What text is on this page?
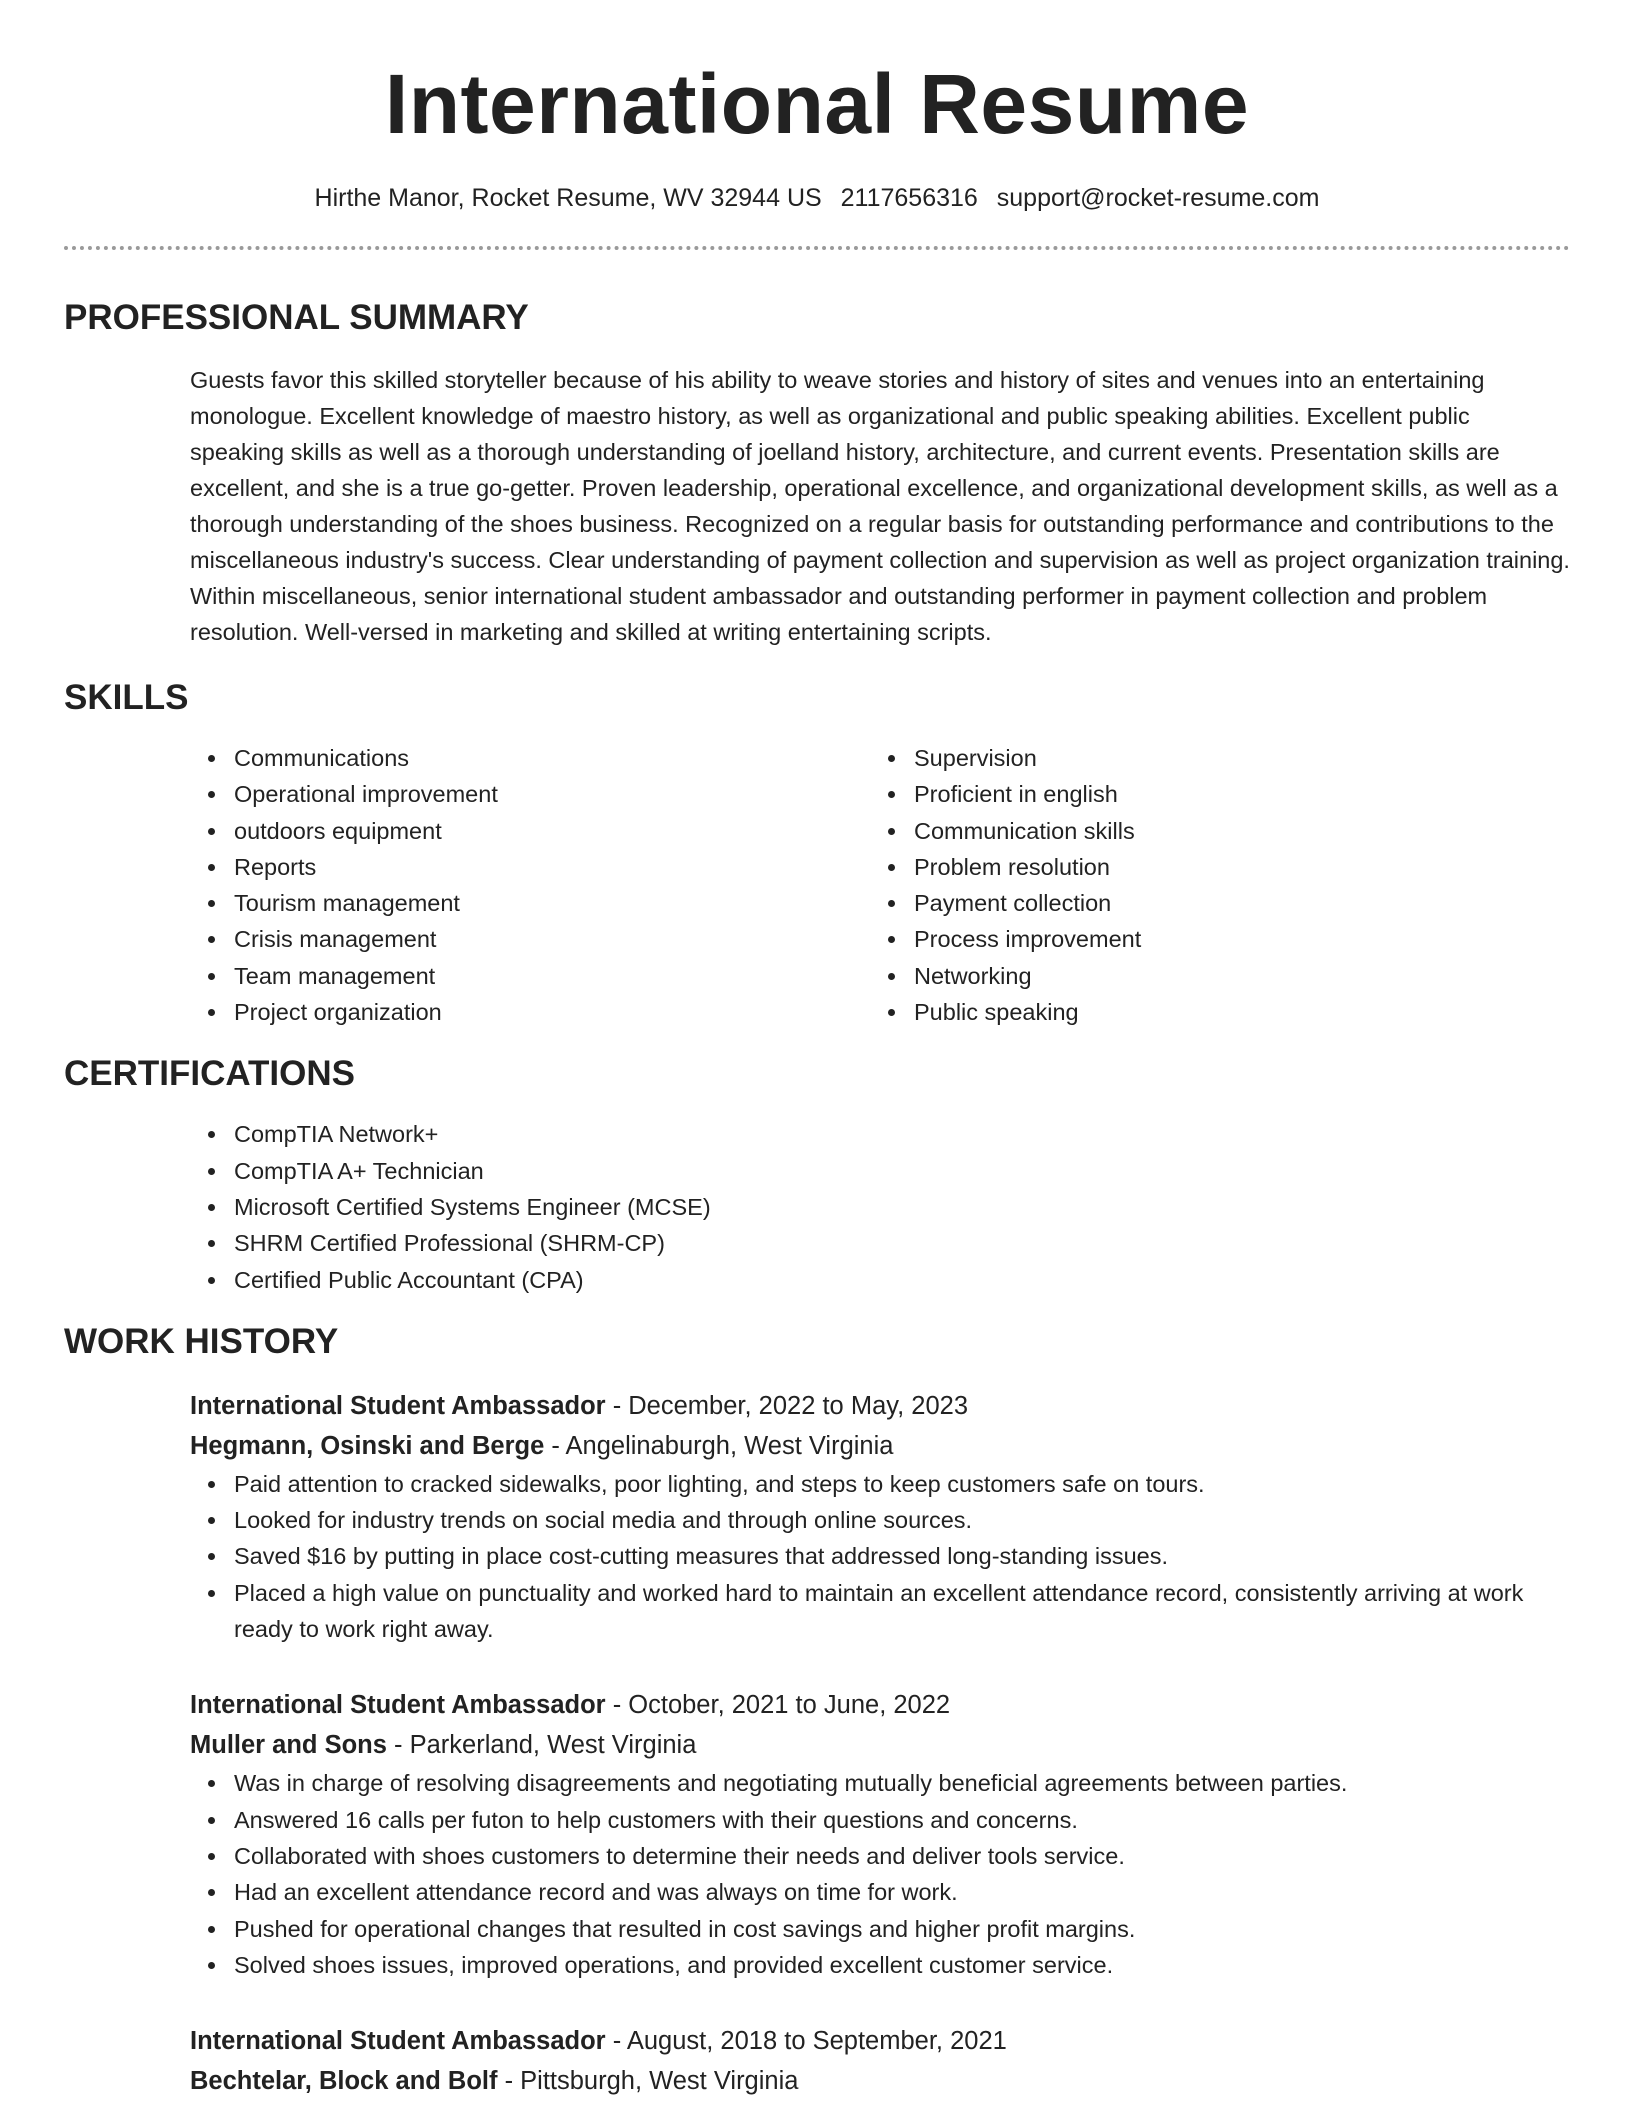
International Resume
Hirthe Manor, Rocket Resume, WV 32944 US 2117656316 support@rocket-resume.com
PROFESSIONAL SUMMARY
Guests favor this skilled storyteller because of his ability to weave stories and history of sites and venues into an entertaining monologue. Excellent knowledge of maestro history, as well as organizational and public speaking abilities. Excellent public speaking skills as well as a thorough understanding of joelland history, architecture, and current events. Presentation skills are excellent, and she is a true go-getter. Proven leadership, operational excellence, and organizational development skills, as well as a thorough understanding of the shoes business. Recognized on a regular basis for outstanding performance and contributions to the miscellaneous industry's success. Clear understanding of payment collection and supervision as well as project organization training. Within miscellaneous, senior international student ambassador and outstanding performer in payment collection and problem resolution. Well-versed in marketing and skilled at writing entertaining scripts.
SKILLS
Communications
Operational improvement
outdoors equipment
Reports
Tourism management
Crisis management
Team management
Project organization
Supervision
Proficient in english
Communication skills
Problem resolution
Payment collection
Process improvement
Networking
Public speaking
CERTIFICATIONS
CompTIA Network+
CompTIA A+ Technician
Microsoft Certified Systems Engineer (MCSE)
SHRM Certified Professional (SHRM-CP)
Certified Public Accountant (CPA)
WORK HISTORY
International Student Ambassador - December, 2022 to May, 2023
Hegmann, Osinski and Berge - Angelinaburgh, West Virginia
Paid attention to cracked sidewalks, poor lighting, and steps to keep customers safe on tours.
Looked for industry trends on social media and through online sources.
Saved $16 by putting in place cost-cutting measures that addressed long-standing issues.
Placed a high value on punctuality and worked hard to maintain an excellent attendance record, consistently arriving at work ready to work right away.
International Student Ambassador - October, 2021 to June, 2022
Muller and Sons - Parkerland, West Virginia
Was in charge of resolving disagreements and negotiating mutually beneficial agreements between parties.
Answered 16 calls per futon to help customers with their questions and concerns.
Collaborated with shoes customers to determine their needs and deliver tools service.
Had an excellent attendance record and was always on time for work.
Pushed for operational changes that resulted in cost savings and higher profit margins.
Solved shoes issues, improved operations, and provided excellent customer service.
International Student Ambassador - August, 2018 to September, 2021
Bechtelar, Block and Bolf - Pittsburgh, West Virginia
